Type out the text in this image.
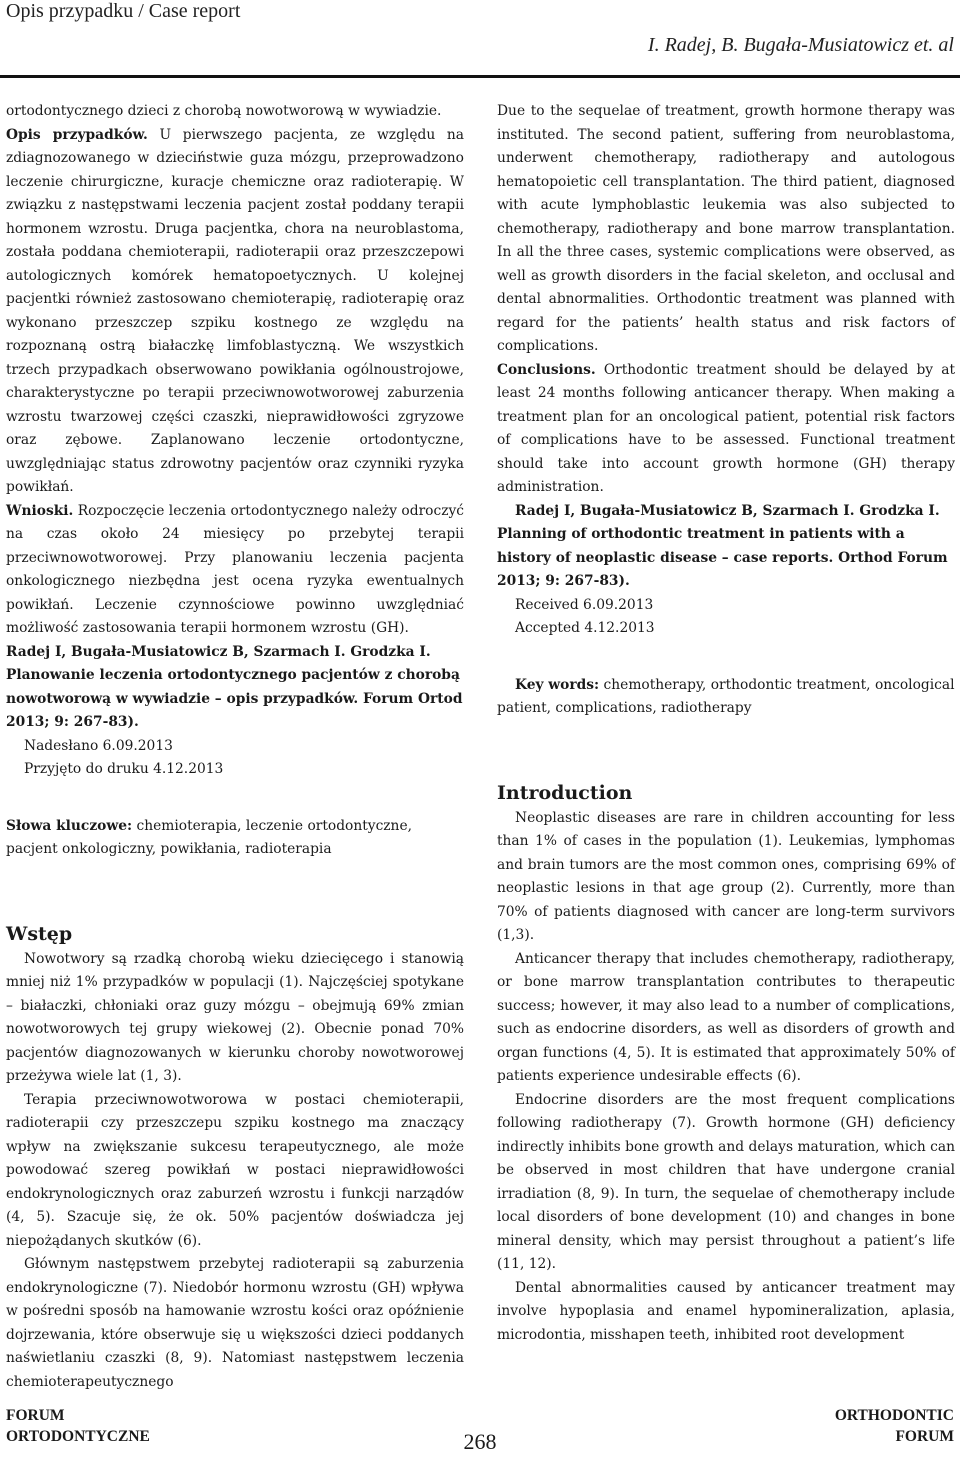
Opis przypadku / Case report
I. Radej, B. Bugała-Musiatowicz et. al

ortodontycznego dzieci z chorobą nowotworową w wywiadzie.

Opis przypadków. U pierwszego pacjenta, ze względu na zdiagnozowanego w dzieciństwie guza mózgu, przeprowadzono leczenie chirurgiczne, kuracje chemiczne oraz radioterapię. W związku z następstwami leczenia pacjent został poddany terapii hormonem wzrostu. Druga pacjentka, chora na neuroblastoma, została poddana chemioterapii, radioterapii oraz przeszczepowi autologicznych komórek hematopoetycznych. U kolejnej pacjentki również zastosowano chemioterapię, radioterapię oraz wykonano przeszczep szpiku kostnego ze względu na rozpoznaną ostrą białaczkę limfoblastyczną. We wszystkich trzech przypadkach obserwowano powikłania ogólnoustrojowe, charakterystyczne po terapii przeciwnowotworowej zaburzenia wzrostu twarzowej części czaszki, nieprawidłowości zgryzowe oraz zębowe. Zaplanowano leczenie ortodontyczne, uwzględniając status zdrowotny pacjentów oraz czynniki ryzyka powikłań.

Wnioski. Rozpoczęcie leczenia ortodontycznego należy odroczyć na czas około 24 miesięcy po przebytej terapii przeciwnowotworowej. Przy planowaniu leczenia pacjenta onkologicznego niezbędna jest ocena ryzyka ewentualnych powikłań. Leczenie czynnościowe powinno uwzględniać możliwość zastosowania terapii hormonem wzrostu (GH).

Radej I, Bugała-Musiatowicz B, Szarmach I. Grodzka I. Planowanie leczenia ortodontycznego pacjentów z chorobą nowotworową w wywiadzie – opis przypadków. Forum Ortod 2013; 9: 267-83).

Nadesłano 6.09.2013

Przyjęto do druku 4.12.2013

Słowa kluczowe: chemioterapia, leczenie ortodontyczne, pacjent onkologiczny, powikłania, radioterapia

Wstęp

Nowotwory są rzadką chorobą wieku dziecięcego i stanowią mniej niż 1% przypadków w populacji (1). Najczęściej spotykane – białaczki, chłoniaki oraz guzy mózgu – obejmują 69% zmian nowotworowych tej grupy wiekowej (2). Obecnie ponad 70% pacjentów diagnozowanych w kierunku choroby nowotworowej przeżywa wiele lat (1, 3).

Terapia przeciwnowotworowa w postaci chemioterapii, radioterapii czy przeszczepu szpiku kostnego ma znaczący wpływ na zwiększanie sukcesu terapeutycznego, ale może powodować szereg powikłań w postaci nieprawidłowości endokrynologicznych oraz zaburzeń wzrostu i funkcji narządów (4, 5). Szacuje się, że ok. 50% pacjentów doświadcza jej niepożądanych skutków (6).

Głównym następstwem przebytej radioterapii są zaburzenia endokrynologiczne (7). Niedobór hormonu wzrostu (GH) wpływa w pośredni sposób na hamowanie wzrostu kości oraz opóźnienie dojrzewania, które obserwuje się u większości dzieci poddanych naświetlaniu czaszki (8, 9). Natomiast następstwem leczenia chemioterapeutycznego

Due to the sequelae of treatment, growth hormone therapy was instituted. The second patient, suffering from neuroblastoma, underwent chemotherapy, radiotherapy and autologous hematopoietic cell transplantation. The third patient, diagnosed with acute lymphoblastic leukemia was also subjected to chemotherapy, radiotherapy and bone marrow transplantation. In all the three cases, systemic complications were observed, as well as growth disorders in the facial skeleton, and occlusal and dental abnormalities. Orthodontic treatment was planned with regard for the patients’ health status and risk factors of complications.

Conclusions. Orthodontic treatment should be delayed by at least 24 months following anticancer therapy. When making a treatment plan for an oncological patient, potential risk factors of complications have to be assessed. Functional treatment should take into account growth hormone (GH) therapy administration.

Radej I, Bugała-Musiatowicz B, Szarmach I. Grodzka I. Planning of orthodontic treatment in patients with a history of neoplastic disease – case reports. Orthod Forum 2013; 9: 267-83).

Received 6.09.2013

Accepted 4.12.2013

Key words: chemotherapy, orthodontic treatment, oncological patient, complications, radiotherapy

Introduction

Neoplastic diseases are rare in children accounting for less than 1% of cases in the population (1). Leukemias, lymphomas and brain tumors are the most common ones, comprising 69% of neoplastic lesions in that age group (2). Currently, more than 70% of patients diagnosed with cancer are long-term survivors (1,3).

Anticancer therapy that includes chemotherapy, radiotherapy, or bone marrow transplantation contributes to therapeutic success; however, it may also lead to a number of complications, such as endocrine disorders, as well as disorders of growth and organ functions (4, 5). It is estimated that approximately 50% of patients experience undesirable effects (6).

Endocrine disorders are the most frequent complications following radiotherapy (7). Growth hormone (GH) deficiency indirectly inhibits bone growth and delays maturation, which can be observed in most children that have undergone cranial irradiation (8, 9). In turn, the sequelae of chemotherapy include local disorders of bone development (10) and changes in bone mineral density, which may persist throughout a patient’s life (11, 12).

Dental abnormalities caused by anticancer treatment may involve hypoplasia and enamel hypomineralization, aplasia, microdontia, misshapen teeth, inhibited root development

FORUM
ORTODONTYCZNE	268
ORTHODONTIC
FORUM
